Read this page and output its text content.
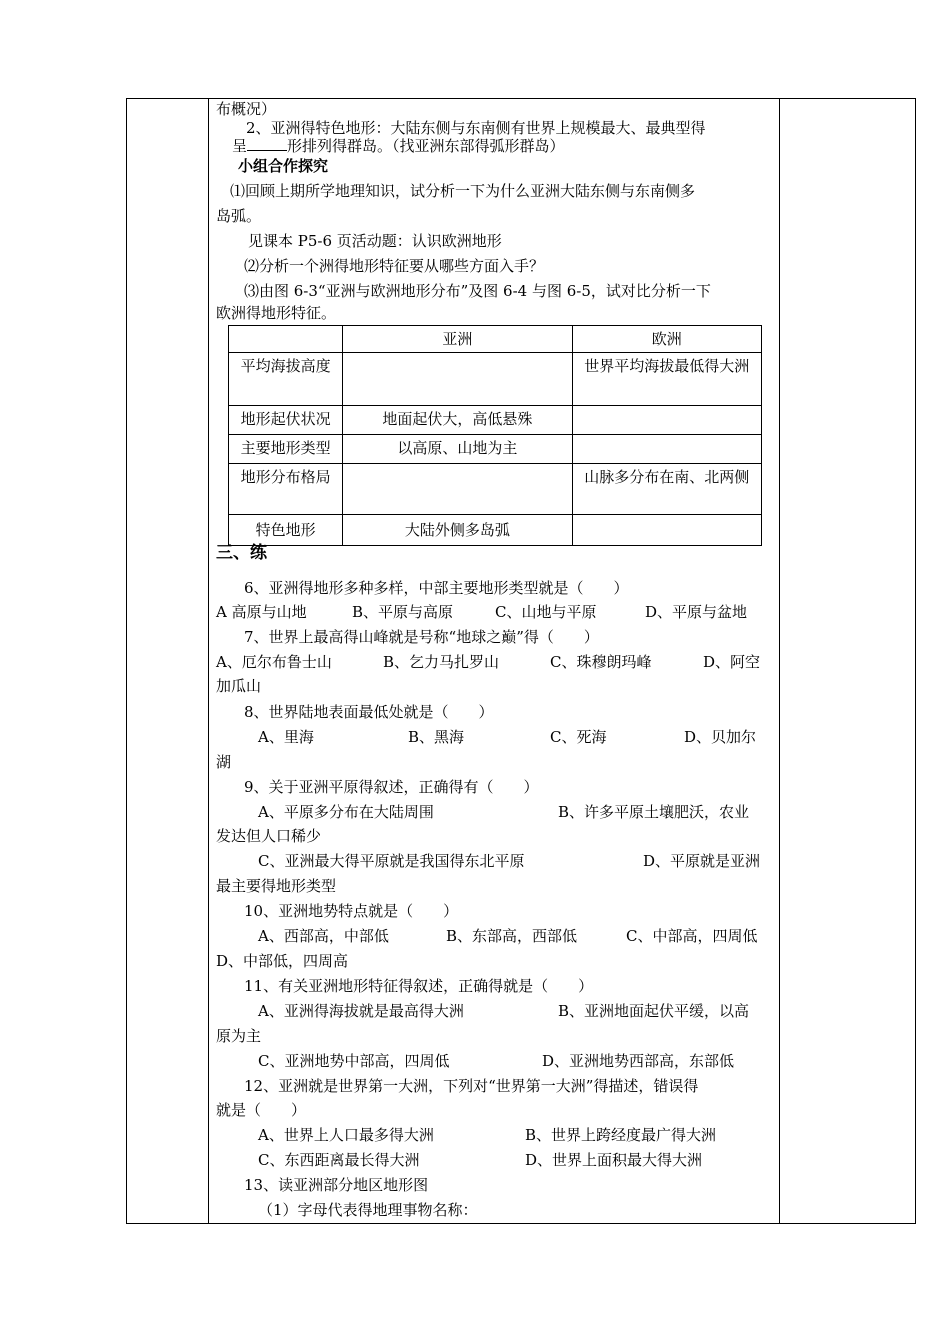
布概况）
2、亚洲得特色地形：大陆东侧与东南侧有世界上规模最大、最典型得
呈	形排列得群岛。（找亚洲东部得弧形群岛）
小组合作探究
⑴回顾上期所学地理知识，试分析一下为什么亚洲大陆东侧与东南侧多
岛弧。
见课本 P5-6 页活动题：认识欧洲地形
⑵分析一个洲得地形特征要从哪些方面入手？
⑶由图 6-3“亚洲与欧洲地形分布”及图 6-4 与图 6-5，试对比分析一下
欧洲得地形特征。
	亚洲	欧洲
平均海拔高度		世界平均海拔最低得大洲
地形起伏状况	地面起伏大，高低悬殊	
主要地形类型	以高原、山地为主	
地形分布格局		山脉多分布在南、北两侧
特色地形	大陆外侧多岛弧	
三、练
6、亚洲得地形多种多样，中部主要地形类型就是（　　）
A 高原与山地	B、平原与高原	C、山地与平原	D、平原与盆地
7、世界上最高得山峰就是号称“地球之巅”得（　　）
A、厄尔布鲁士山	B、乞力马扎罗山	C、珠穆朗玛峰	D、阿空
加瓜山
8、世界陆地表面最低处就是（　　）
A、里海	B、黑海	C、死海	D、贝加尔
湖
9、关于亚洲平原得叙述，正确得有（　　）
A、平原多分布在大陆周围	B、许多平原土壤肥沃，农业
发达但人口稀少
C、亚洲最大得平原就是我国得东北平原	D、平原就是亚洲
最主要得地形类型
10、亚洲地势特点就是（　　）
A、西部高，中部低	B、东部高，西部低	C、中部高，四周低
D、中部低，四周高
11、有关亚洲地形特征得叙述，正确得就是（　　）
A、亚洲得海拔就是最高得大洲	B、亚洲地面起伏平缓，以高
原为主
C、亚洲地势中部高，四周低	D、亚洲地势西部高，东部低
12、亚洲就是世界第一大洲，下列对“世界第一大洲”得描述，错误得
就是（　　）
A、世界上人口最多得大洲	B、世界上跨经度最广得大洲
C、东西距离最长得大洲	D、世界上面积最大得大洲
13、读亚洲部分地区地形图
（1）字母代表得地理事物名称：
